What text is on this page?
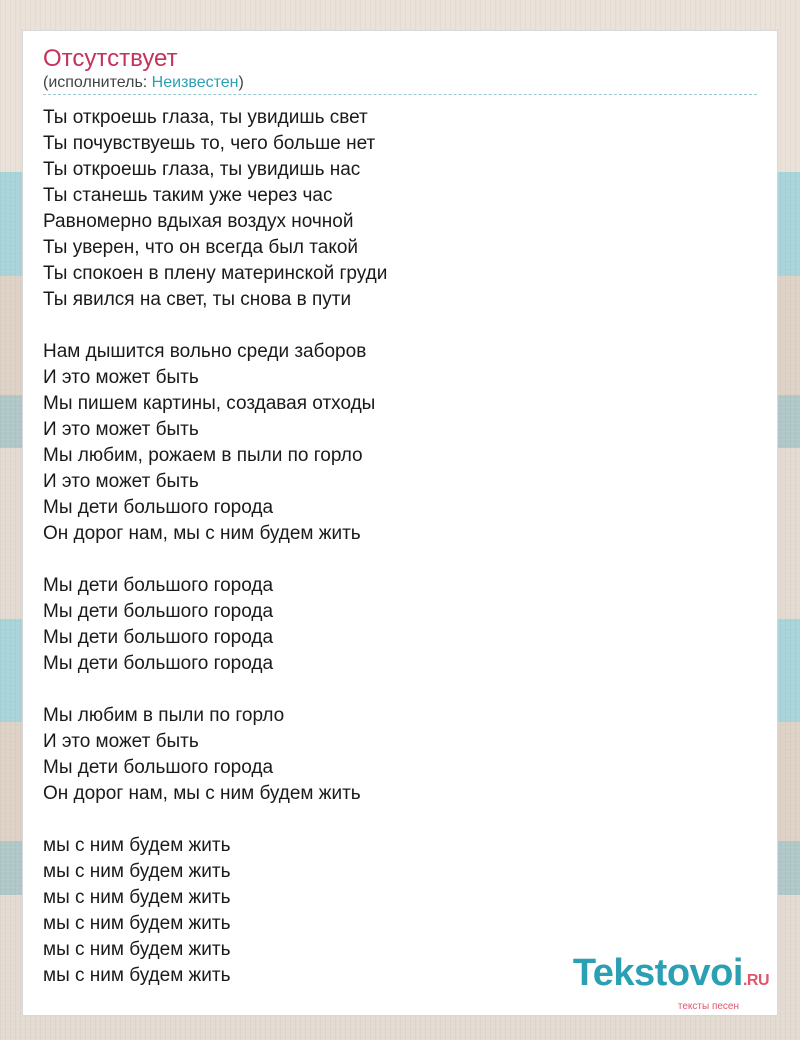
Отсутствует
(исполнитель: Неизвестен)
Ты откроешь глаза, ты увидишь свет
Ты почувствуешь то, чего больше нет
Ты откроешь глаза, ты увидишь нас
Ты станешь таким уже через час
Равномерно вдыхая воздух ночной
Ты уверен, что он всегда был такой
Ты спокоен в плену материнской груди
Ты явился на свет, ты снова в пути
Нам дышится вольно среди заборов
И это может быть
Мы пишем картины, создавая отходы
И это может быть
Мы любим, рожаем в пыли по горло
И это может быть
Мы дети большого города
Он дорог нам, мы с ним будем жить
Мы дети большого города
Мы дети большого города
Мы дети большого города
Мы дети большого города
Мы любим в пыли по горло
И это может быть
Мы дети большого города
Он дорог нам, мы с ним будем жить
мы с ним будем жить
мы с ним будем жить
мы с ним будем жить
мы с ним будем жить
мы с ним будем жить
мы с ним будем жить	Tekstovoi.RU
тексты песен
